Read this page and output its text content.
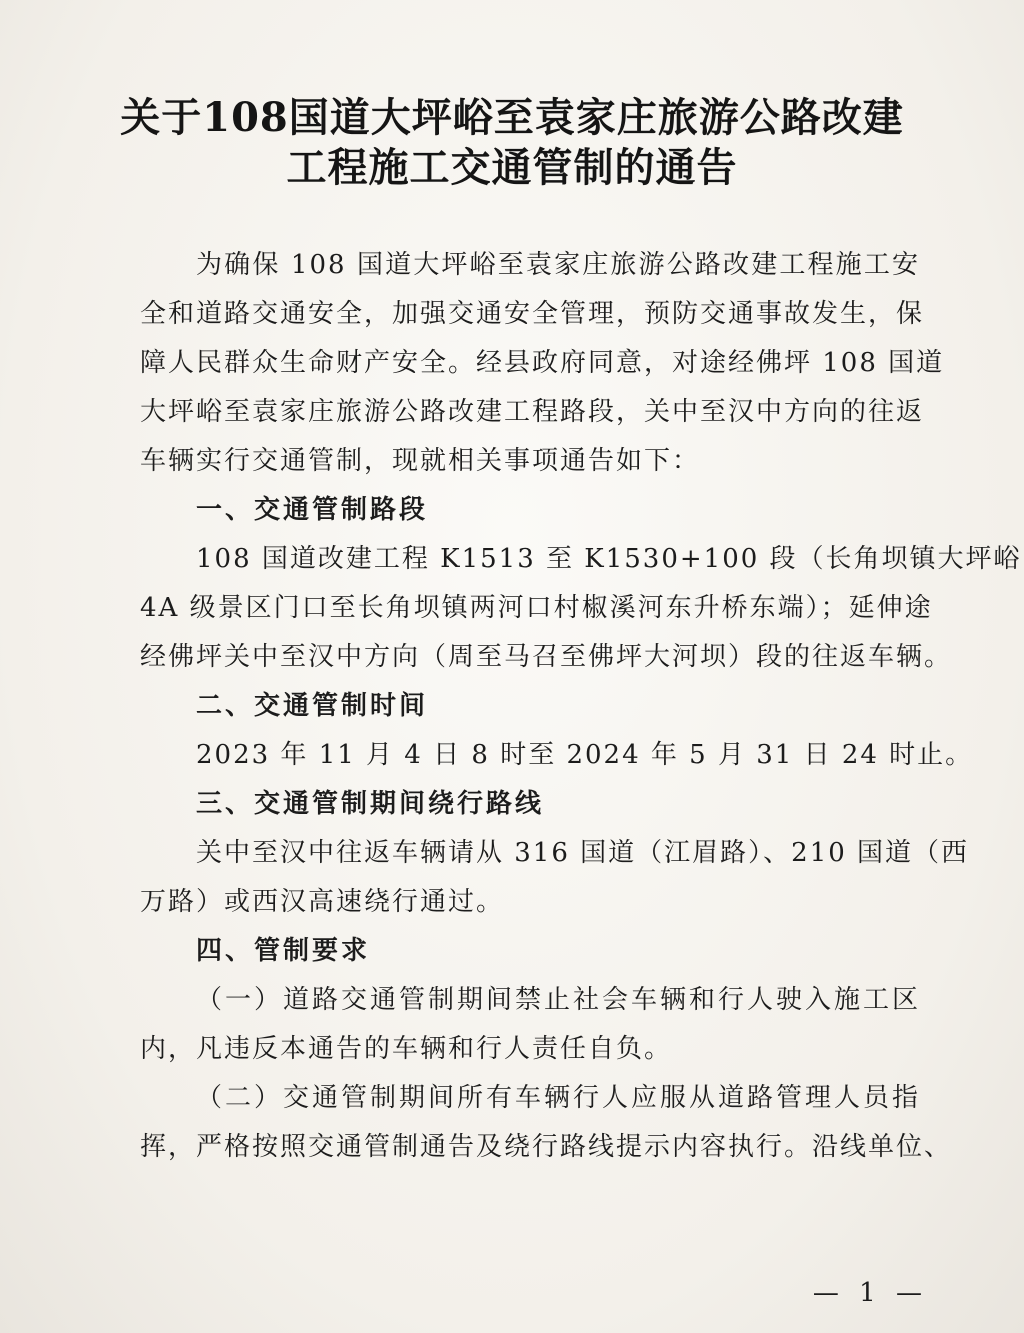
关于108国道大坪峪至袁家庄旅游公路改建
工程施工交通管制的通告
为确保 108 国道大坪峪至袁家庄旅游公路改建工程施工安
全和道路交通安全，加强交通安全管理，预防交通事故发生，保
障人民群众生命财产安全。经县政府同意，对途经佛坪 108 国道
大坪峪至袁家庄旅游公路改建工程路段，关中至汉中方向的往返
车辆实行交通管制，现就相关事项通告如下：
一、交通管制路段
108 国道改建工程 K1513 至 K1530+100 段（长角坝镇大坪峪
4A 级景区门口至长角坝镇两河口村椒溪河东升桥东端）；延伸途
经佛坪关中至汉中方向（周至马召至佛坪大河坝）段的往返车辆。
二、交通管制时间
2023 年 11 月 4 日 8 时至 2024 年 5 月 31 日 24 时止。
三、交通管制期间绕行路线
关中至汉中往返车辆请从 316 国道（江眉路）、210 国道（西
万路）或西汉高速绕行通过。
四、管制要求
（一）道路交通管制期间禁止社会车辆和行人驶入施工区
内，凡违反本通告的车辆和行人责任自负。
（二）交通管制期间所有车辆行人应服从道路管理人员指
挥，严格按照交通管制通告及绕行路线提示内容执行。沿线单位、
— 1 —
